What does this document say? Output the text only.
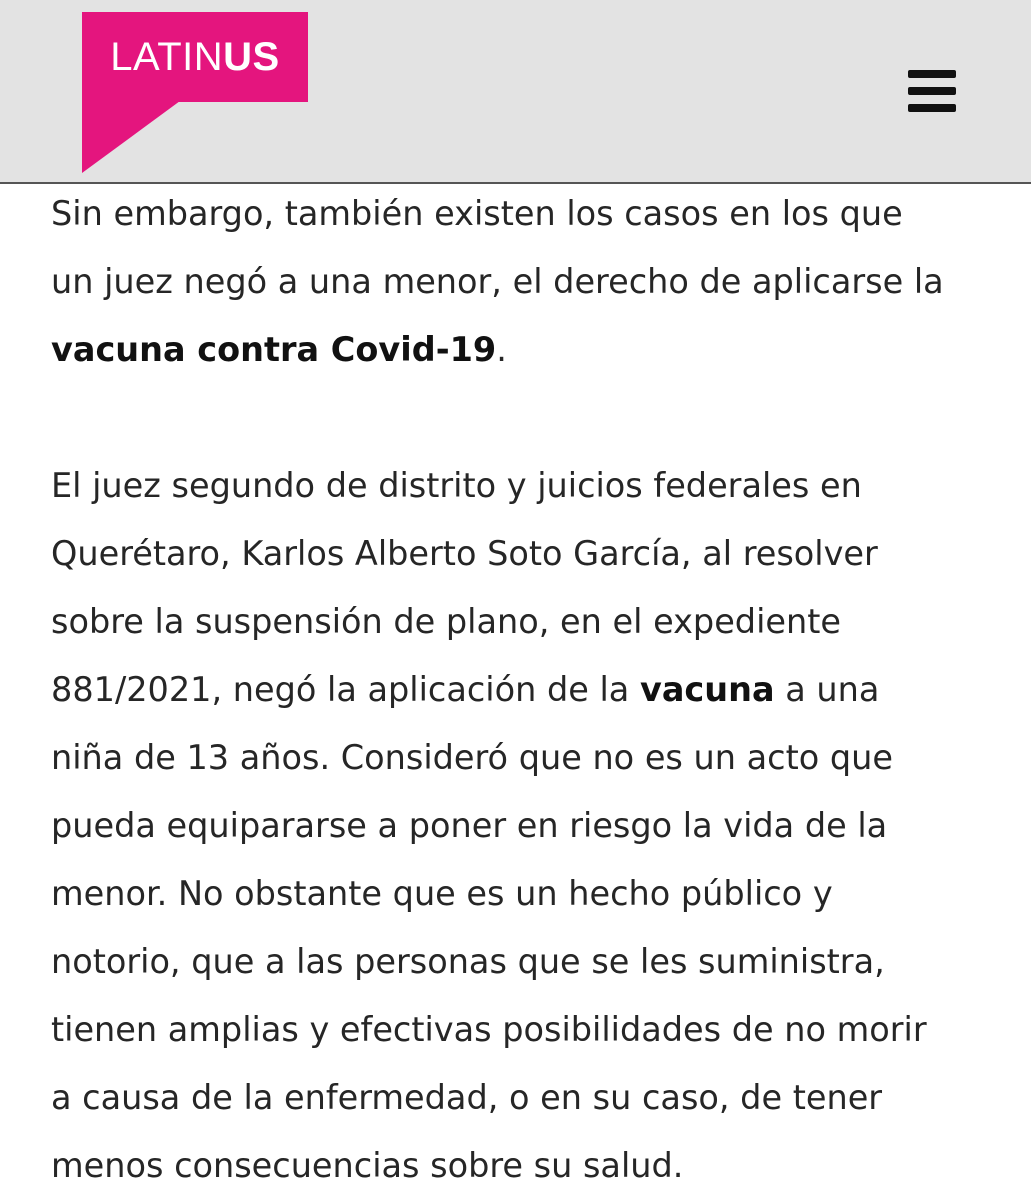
LATINUS

Sin embargo, también existen los casos en los que
un juez negó a una menor, el derecho de aplicarse la
vacuna contra Covid-19.

El juez segundo de distrito y juicios federales en
Querétaro, Karlos Alberto Soto García, al resolver
sobre la suspensión de plano, en el expediente
881/2021, negó la aplicación de la vacuna a una
niña de 13 años. Consideró que no es un acto que
pueda equipararse a poner en riesgo la vida de la
menor. No obstante que es un hecho público y
notorio, que a las personas que se les suministra,
tienen amplias y efectivas posibilidades de no morir
a causa de la enfermedad, o en su caso, de tener
menos consecuencias sobre su salud.
